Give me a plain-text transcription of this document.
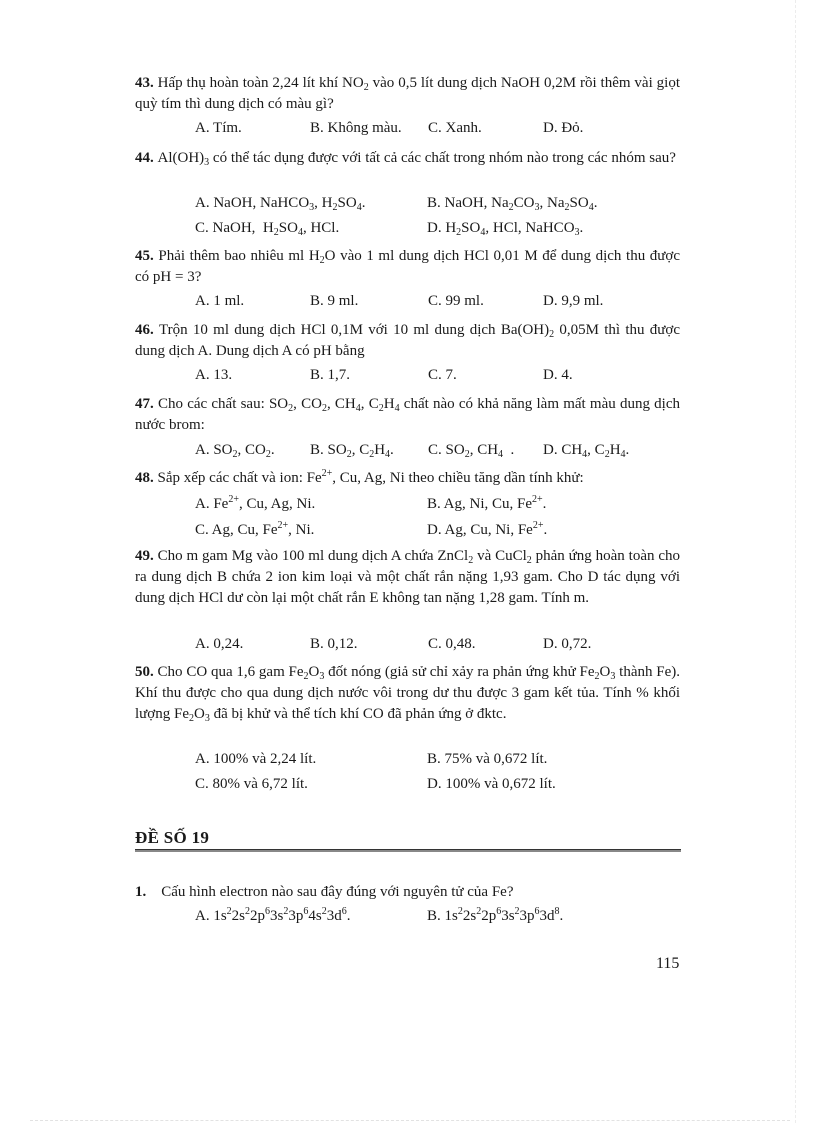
43. Hấp thụ hoàn toàn 2,24 lít khí $NO_2$ vào 0,5 lít dung dịch NaOH 0,2M rồi thêm vài giọt quỳ tím thì dung dịch có màu gì?
A. Tím.	B. Không màu. C. Xanh.	D. Đỏ.
44. $Al(OH)_3$ có thể tác dụng được với tất cả các chất trong nhóm nào trong các nhóm sau?
A. NaOH, NaHCO$_3$, $H_2SO_4$.	B. NaOH, $Na_2CO_3$, $Na_2SO_4$.
C. NaOH,  $H_2SO_4$, HCl.	D. $H_2SO_4$, HCl, NaHCO$_3$.
45. Phải thêm bao nhiêu ml $H_2O$ vào 1 ml dung dịch HCl 0,01 M để dung dịch thu được có pH = 3?
A. 1 ml.	B. 9 ml.	C. 99 ml.	D. 9,9 ml.
46. Trộn 10 ml dung dịch HCl 0,1M với 10 ml dung dịch $Ba(OH)_2$ 0,05M thì thu được dung dịch A. Dung dịch A có pH bằng
A. 13.	B. 1,7.	C. 7.	D. 4.
47. Cho các chất sau: $SO_2$, $CO_2$, $CH_4$, $C_2H_4$ chất nào có khả năng làm mất màu dung dịch nước brom:
A. $SO_2$, $CO_2$. B. $SO_2$, $C_2H_4$. C. $SO_2$, $CH_4$  . D. $CH_4$, $C_2H_4$.
48. Sắp xếp các chất và ion: $Fe^{2+}$, Cu, Ag, Ni theo chiều tăng dần tính khử:
A. $Fe^{2+}$, Cu, Ag, Ni.	B. Ag, Ni, Cu, $Fe^{2+}$.
C. Ag, Cu, $Fe^{2+}$, Ni.	D. Ag, Cu, Ni, $Fe^{2+}$.
49. Cho m gam Mg vào 100 ml dung dịch A chứa ZnCl$_2$ và CuCl$_2$ phản ứng hoàn toàn cho ra dung dịch B chứa 2 ion kim loại và một chất rắn nặng 1,93 gam. Cho D tác dụng với dung dịch HCl dư còn lại một chất rắn E không tan nặng 1,28 gam. Tính m.
A. 0,24.	B. 0,12.	C. 0,48.	D. 0,72.
50. Cho CO qua 1,6 gam $Fe_2O_3$ đốt nóng (giả sử chỉ xảy ra phản ứng khử $Fe_2O_3$ thành Fe). Khí thu được cho qua dung dịch nước vôi trong dư thu được 3 gam kết tủa. Tính % khối lượng $Fe_2O_3$ đã bị khử và thể tích khí CO đã phản ứng ở đktc.
A. 100% và 2,24 lít.	B. 75% và 0,672 lít.
C. 80% và 6,72 lít.	D. 100% và 0,672 lít.
ĐỀ SỐ 19
1.    Cấu hình electron nào sau đây đúng với nguyên tử của Fe?
A. $1s^22s^22p^63s^23p^64s^23d^6$.	B. $1s^22s^22p^63s^23p^63d^8$.
115
